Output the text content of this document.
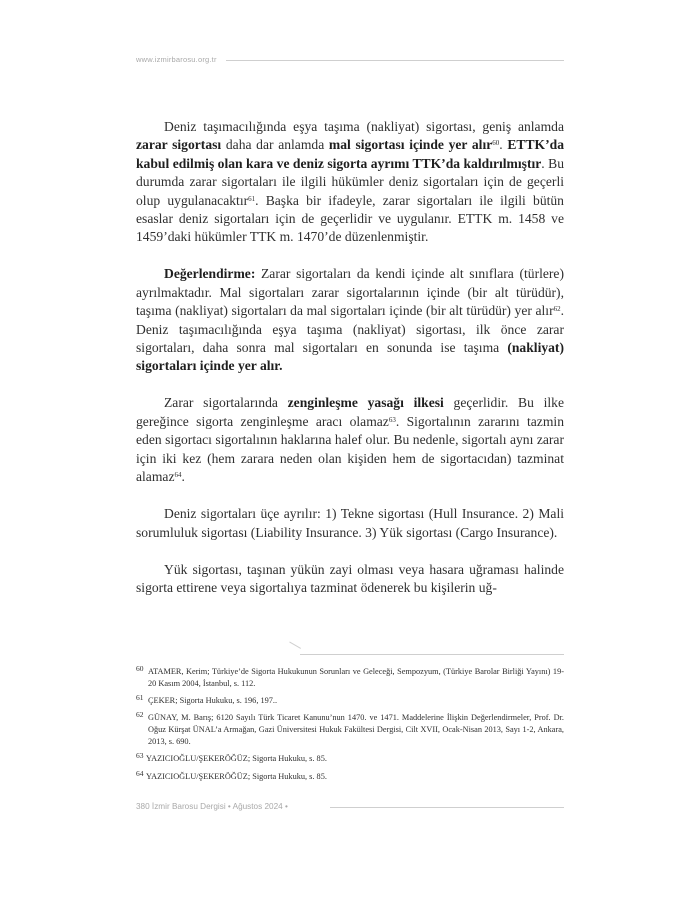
www.izmirbarosu.org.tr

Deniz taşımacılığında eşya taşıma (nakliyat) sigortası, geniş anlamda zarar sigortası daha dar anlamda mal sigortası içinde yer alır$^{60}$. ETTK’da kabul edilmiş olan kara ve deniz sigorta ayrımı TTK’da kaldırılmıştır. Bu durumda zarar sigortaları ile ilgili hükümler deniz sigortaları için de geçerli olup uygulanacaktır$^{61}$. Başka bir ifadeyle, zarar sigortaları ile ilgili bütün esaslar deniz sigortaları için de geçerlidir ve uygulanır. ETTK m. 1458 ve 1459’daki hükümler TTK m. 1470’de düzenlenmiştir.

Değerlendirme: Zarar sigortaları da kendi içinde alt sınıflara (türlere) ayrılmaktadır. Mal sigortaları zarar sigortalarının içinde (bir alt türüdür), taşıma (nakliyat) sigortaları da mal sigortaları içinde (bir alt türüdür) yer alır$^{62}$. Deniz taşımacılığında eşya taşıma (nakliyat) sigortası, ilk önce zarar sigortaları, daha sonra mal sigortaları en sonunda ise taşıma (nakliyat) sigortaları içinde yer alır.

Zarar sigortalarında zenginleşme yasağı ilkesi geçerlidir. Bu ilke gereğince sigorta zenginleşme aracı olamaz$^{63}$. Sigortalının zararını tazmin eden sigortacı sigortalının haklarına halef olur. Bu nedenle, sigortalı aynı zarar için iki kez (hem zarara neden olan kişiden hem de sigortacıdan) tazminat alamaz$^{64}$.

Deniz sigortaları üçe ayrılır: 1) Tekne sigortası (Hull Insurance. 2) Mali sorumluluk sigortası (Liability Insurance. 3) Yük sigortası (Cargo Insurance).

Yük sigortası, taşınan yükün zayi olması veya hasara uğraması halinde sigorta ettirene veya sigortalıya tazminat ödenerek bu kişilerin uğ-

60 ATAMER, Kerim; Türkiye’de Sigorta Hukukunun Sorunları ve Geleceği, Sempozyum, (Türkiye Barolar Birliği Yayını) 19-20 Kasım 2004, İstanbul, s. 112.
61 ÇEKER; Sigorta Hukuku, s. 196, 197..
62 GÜNAY, M. Barış; 6120 Sayılı Türk Ticaret Kanunu’nun 1470. ve 1471. Maddelerine İlişkin Değerlendirmeler, Prof. Dr. Oğuz Kürşat ÜNAL’a Armağan, Gazi Üniversitesi Hukuk Fakültesi Dergisi, Cilt XVII, Ocak-Nisan 2013, Sayı 1-2, Ankara, 2013, s. 690.
63 YAZICIOĞLU/ŞEKERÖĞÜZ; Sigorta Hukuku, s. 85.
64 YAZICIOĞLU/ŞEKERÖĞÜZ; Sigorta Hukuku, s. 85.
380 İzmir Barosu Dergisi • Ağustos 2024 •
